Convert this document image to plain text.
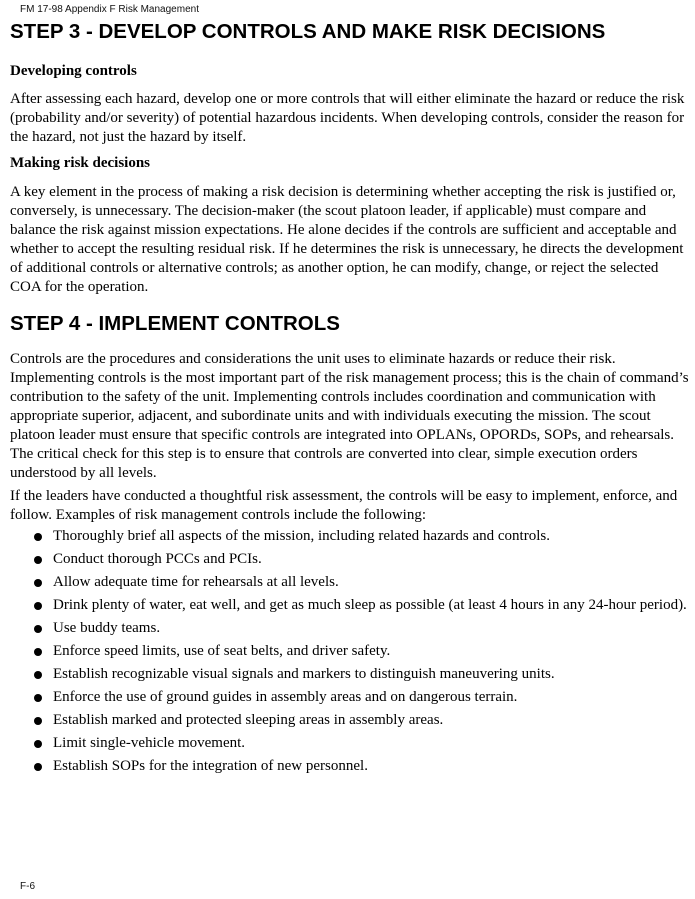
FM 17-98 Appendix F Risk Management
STEP 3 - DEVELOP CONTROLS AND MAKE RISK DECISIONS
Developing controls

After assessing each hazard, develop one or more controls that will either eliminate the hazard or reduce the risk (probability and/or severity) of potential hazardous incidents. When developing controls, consider the reason for the hazard, not just the hazard by itself.

Making risk decisions

A key element in the process of making a risk decision is determining whether accepting the risk is justified or, conversely, is unnecessary. The decision-maker (the scout platoon leader, if applicable) must compare and balance the risk against mission expectations. He alone decides if the controls are sufficient and acceptable and whether to accept the resulting residual risk. If he determines the risk is unnecessary, he directs the development of additional controls or alternative controls; as another option, he can modify, change, or reject the selected COA for the operation.

STEP 4 - IMPLEMENT CONTROLS

Controls are the procedures and considerations the unit uses to eliminate hazards or reduce their risk. Implementing controls is the most important part of the risk management process; this is the chain of command’s contribution to the safety of the unit. Implementing controls includes coordination and communication with appropriate superior, adjacent, and subordinate units and with individuals executing the mission. The scout platoon leader must ensure that specific controls are integrated into OPLANs, OPORDs, SOPs, and rehearsals. The critical check for this step is to ensure that controls are converted into clear, simple execution orders understood by all levels.

If the leaders have conducted a thoughtful risk assessment, the controls will be easy to implement, enforce, and follow. Examples of risk management controls include the following:

Thoroughly brief all aspects of the mission, including related hazards and controls.
Conduct thorough PCCs and PCIs.
Allow adequate time for rehearsals at all levels.
Drink plenty of water, eat well, and get as much sleep as possible (at least 4 hours in any 24-hour period).
Use buddy teams.
Enforce speed limits, use of seat belts, and driver safety.
Establish recognizable visual signals and markers to distinguish maneuvering units.
Enforce the use of ground guides in assembly areas and on dangerous terrain.
Establish marked and protected sleeping areas in assembly areas.
Limit single-vehicle movement.
Establish SOPs for the integration of new personnel.
F-6
